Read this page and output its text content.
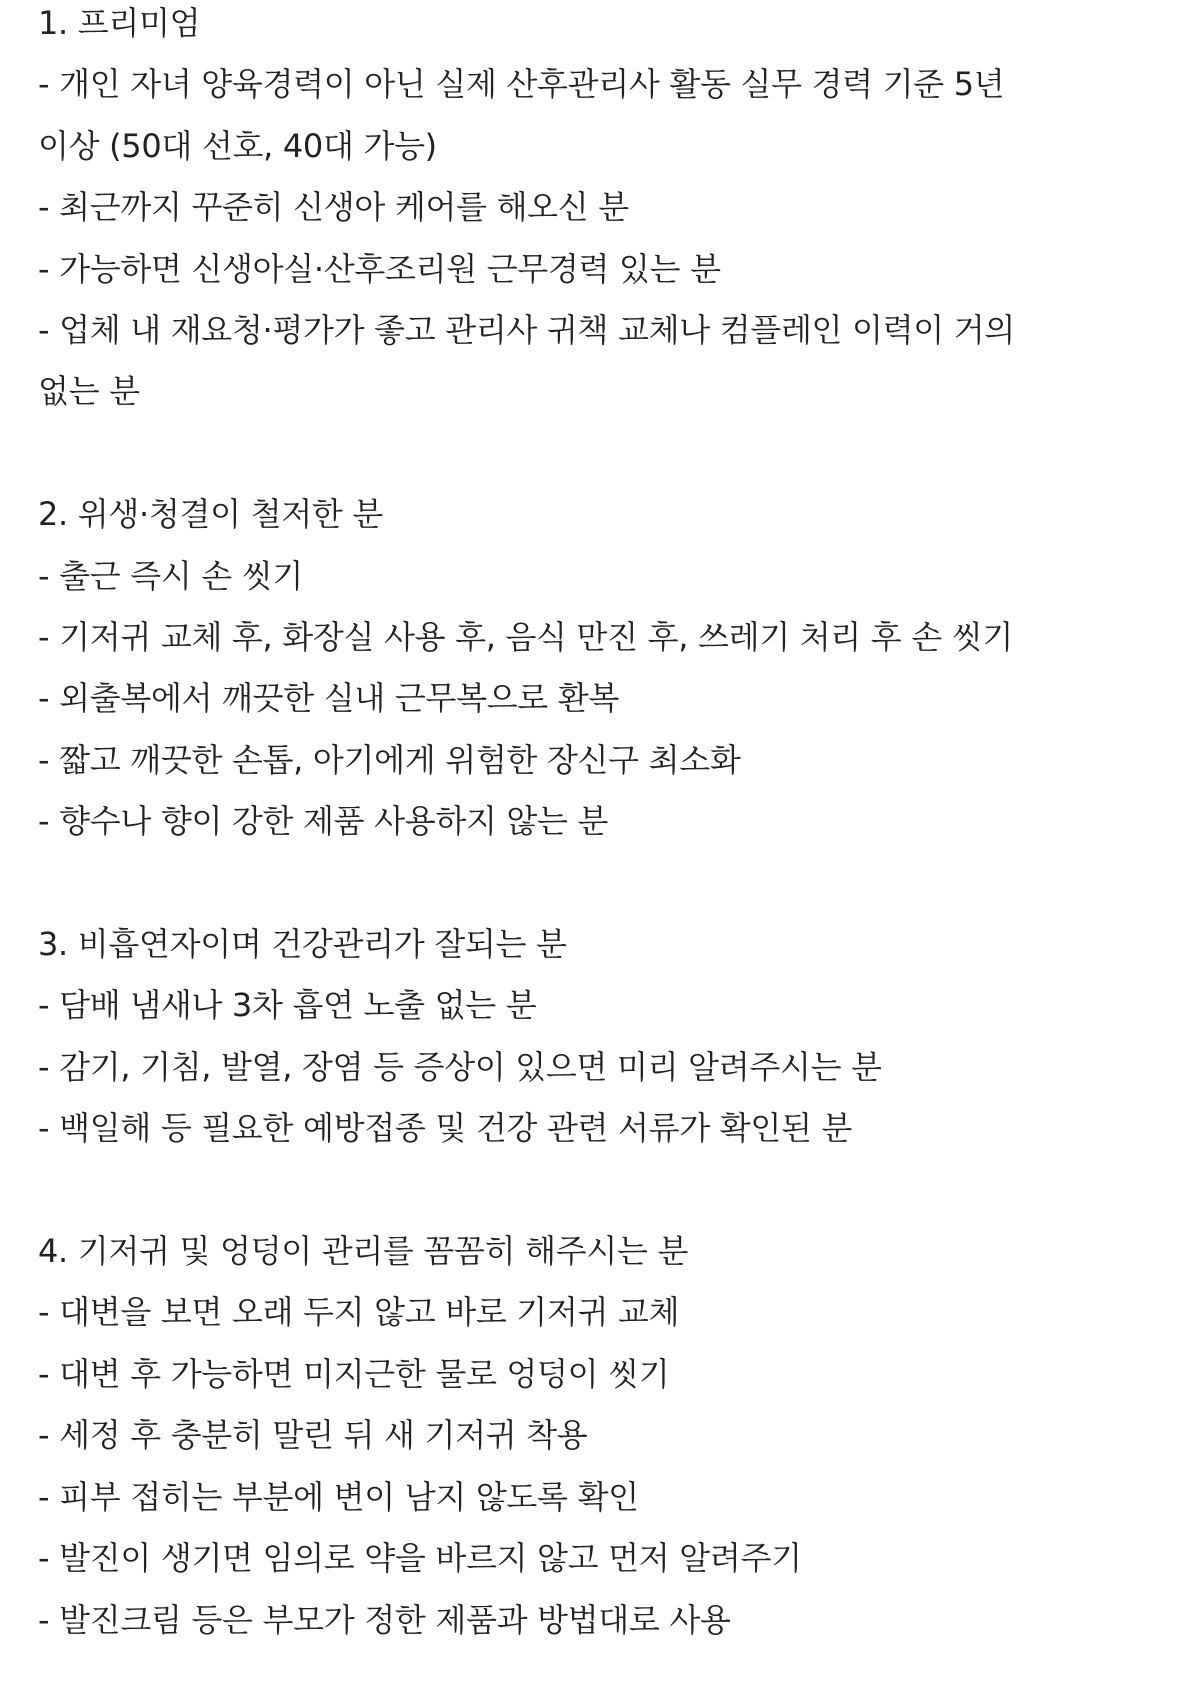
1. 프리미엄
- 개인 자녀 양육경력이 아닌 실제 산후관리사 활동 실무 경력 기준 5년
이상 (50대 선호, 40대 가능)
- 최근까지 꾸준히 신생아 케어를 해오신 분
- 가능하면 신생아실·산후조리원 근무경력 있는 분
- 업체 내 재요청·평가가 좋고 관리사 귀책 교체나 컴플레인 이력이 거의
없는 분
2. 위생·청결이 철저한 분
- 출근 즉시 손 씻기
- 기저귀 교체 후, 화장실 사용 후, 음식 만진 후, 쓰레기 처리 후 손 씻기
- 외출복에서 깨끗한 실내 근무복으로 환복
- 짧고 깨끗한 손톱, 아기에게 위험한 장신구 최소화
- 향수나 향이 강한 제품 사용하지 않는 분
3. 비흡연자이며 건강관리가 잘되는 분
- 담배 냄새나 3차 흡연 노출 없는 분
- 감기, 기침, 발열, 장염 등 증상이 있으면 미리 알려주시는 분
- 백일해 등 필요한 예방접종 및 건강 관련 서류가 확인된 분
4. 기저귀 및 엉덩이 관리를 꼼꼼히 해주시는 분
- 대변을 보면 오래 두지 않고 바로 기저귀 교체
- 대변 후 가능하면 미지근한 물로 엉덩이 씻기
- 세정 후 충분히 말린 뒤 새 기저귀 착용
- 피부 접히는 부분에 변이 남지 않도록 확인
- 발진이 생기면 임의로 약을 바르지 않고 먼저 알려주기
- 발진크림 등은 부모가 정한 제품과 방법대로 사용
